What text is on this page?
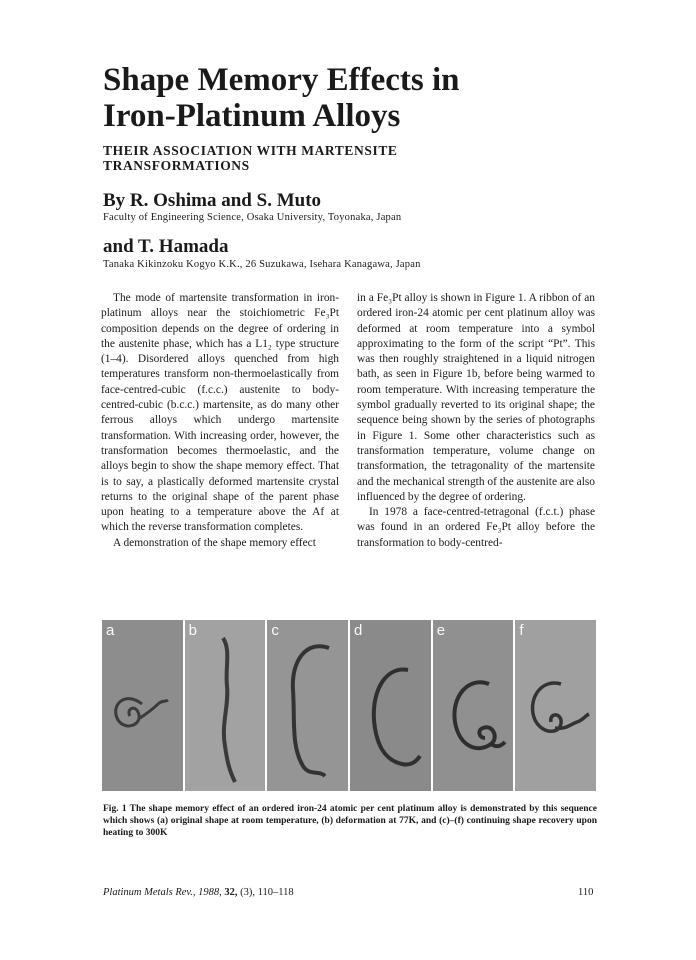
Shape Memory Effects in
Iron-Platinum Alloys
THEIR ASSOCIATION WITH MARTENSITE
TRANSFORMATIONS
By R. Oshima and S. Muto
Faculty of Engineering Science, Osaka University, Toyonaka, Japan
and T. Hamada
Tanaka Kikinzoku Kogyo K.K., 26 Suzukawa, Isehara Kanagawa, Japan

The mode of martensite transformation in iron-platinum alloys near the stoichiometric Fe₃Pt composition depends on the degree of ordering in the austenite phase, which has a L1₂ type structure (1–4). Disordered alloys quenched from high temperatures transform non-thermoelastically from face-centred-cubic (f.c.c.) austenite to body-centred-cubic (b.c.c.) martensite, as do many other ferrous alloys which undergo martensite transformation. With increasing order, however, the transformation becomes thermoelastic, and the alloys begin to show the shape memory effect. That is to say, a plastically deformed martensite crystal returns to the original shape of the parent phase upon heating to a temperature above the Af at which the reverse transformation completes.

A demonstration of the shape memory effect

in a Fe₃Pt alloy is shown in Figure 1. A ribbon of an ordered iron-24 atomic per cent platinum alloy was deformed at room temperature into a symbol approximating to the form of the script “Pt”. This was then roughly straightened in a liquid nitrogen bath, as seen in Figure 1b, before being warmed to room temperature. With increasing temperature the symbol gradually reverted to its original shape; the sequence being shown by the series of photographs in Figure 1. Some other characteristics such as transformation temperature, volume change on transformation, the tetragonality of the martensite and the mechanical strength of the austenite are also influenced by the degree of ordering.

In 1978 a face-centred-tetragonal (f.c.t.) phase was found in an ordered Fe₃Pt alloy before the transformation to body-centred-

a	b	c	d	e	f
Fig. 1 The shape memory effect of an ordered iron-24 atomic per cent platinum alloy is demonstrated by this sequence which shows (a) original shape at room temperature, (b) deformation at 77K, and (c)–(f) continuing shape recovery upon heating to 300K
Platinum Metals Rev., 1988, 32, (3), 110–118	110
